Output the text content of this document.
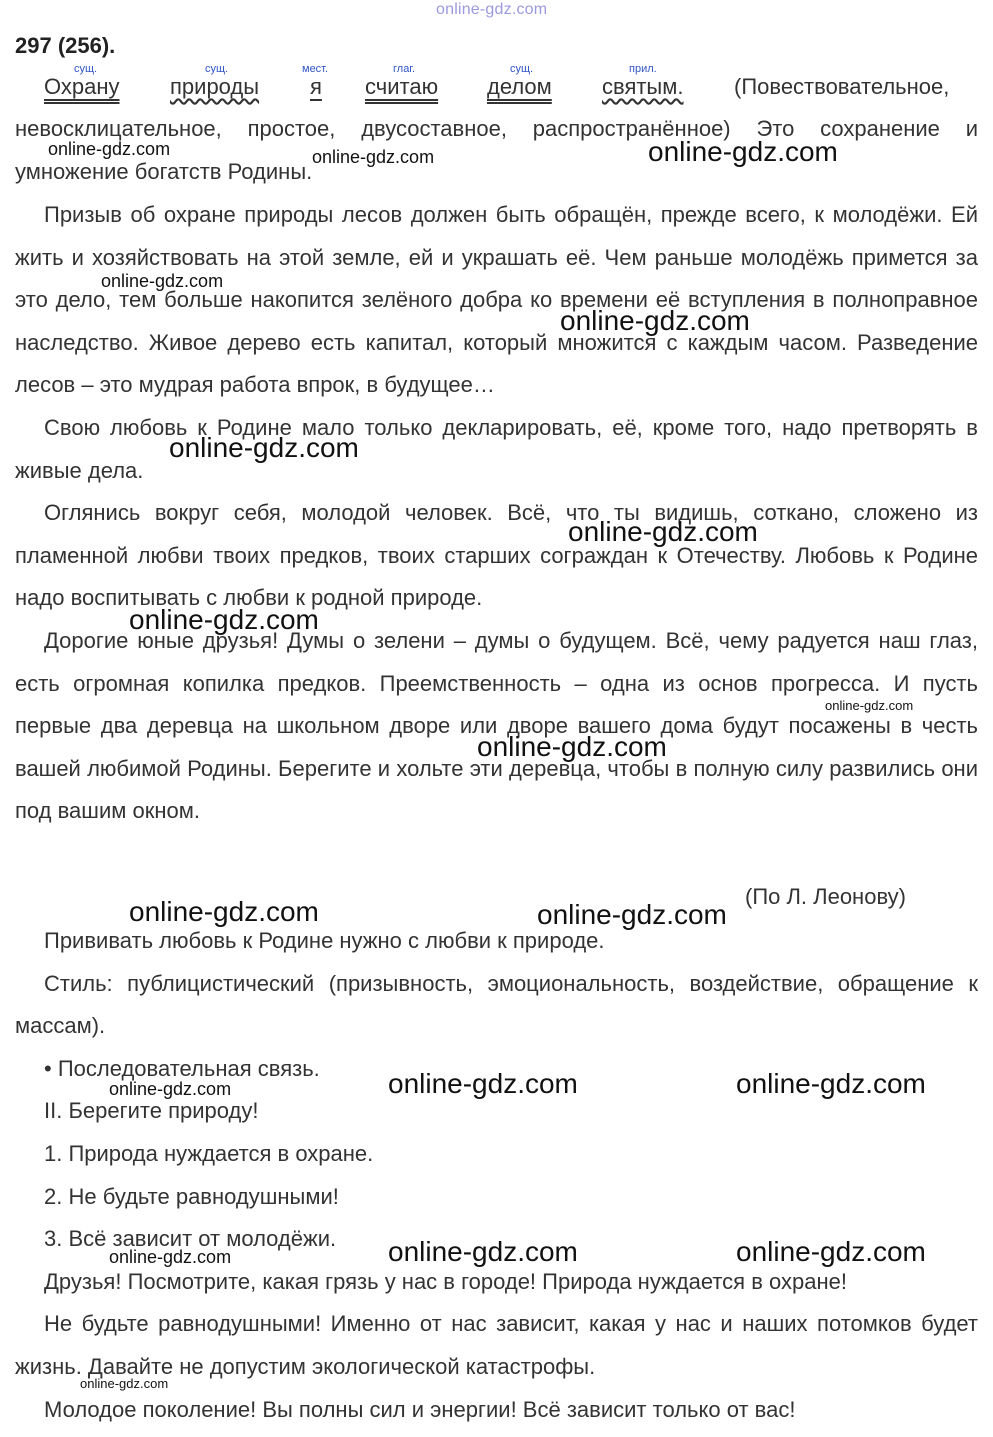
online-gdz.com
297 (256).
сущ.	сущ.	мест.	глаг.	сущ.	прил.
Охрану природы я считаю делом святым. (Повествовательное,

невосклицательное, простое, двусоставное, распространённое) Это сохранение и умножение богатств Родины.

Призыв об охране природы лесов должен быть обращён, прежде всего, к молодёжи. Ей жить и хозяйствовать на этой земле, ей и украшать её. Чем раньше молодёжь примется за это дело, тем больше накопится зелёного добра ко времени её вступления в полноправное наследство. Живое дерево есть капитал, который множится с каждым часом. Разведение лесов – это мудрая работа впрок, в будущее…

Свою любовь к Родине мало только декларировать, её, кроме того, надо претворять в живые дела.

Оглянись вокруг себя, молодой человек. Всё, что ты видишь, соткано, сложено из пламенной любви твоих предков, твоих старших сограждан к Отечеству. Любовь к Родине надо воспитывать с любви к родной природе.

Дорогие юные друзья! Думы о зелени – думы о будущем. Всё, чему радуется наш глаз, есть огромная копилка предков. Преемственность – одна из основ прогресса. И пусть первые два деревца на школьном дворе или дворе вашего дома будут посажены в честь вашей любимой Родины. Берегите и хольте эти деревца, чтобы в полную силу развились они под вашим окном.

(По Л. Леонову)

Прививать любовь к Родине нужно с любви к природе.

Стиль: публицистический (призывность, эмоциональность, воздействие, обращение к массам).

• Последовательная связь.

II. Берегите природу!

1. Природа нуждается в охране.

2. Не будьте равнодушными!

3. Всё зависит от молодёжи.

Друзья! Посмотрите, какая грязь у нас в городе! Природа нуждается в охране!

Не будьте равнодушными! Именно от нас зависит, какая у нас и наших потомков будет жизнь. Давайте не допустим экологической катастрофы.

Молодое поколение! Вы полны сил и энергии! Всё зависит только от вас!

online-gdz.com	online-gdz.com	online-gdz.com
online-gdz.com
online-gdz.com
online-gdz.com
online-gdz.com
online-gdz.com
online-gdz.com
online-gdz.com
online-gdz.com	online-gdz.com
online-gdz.com	online-gdz.com	online-gdz.com
online-gdz.com	online-gdz.com	online-gdz.com
online-gdz.com
